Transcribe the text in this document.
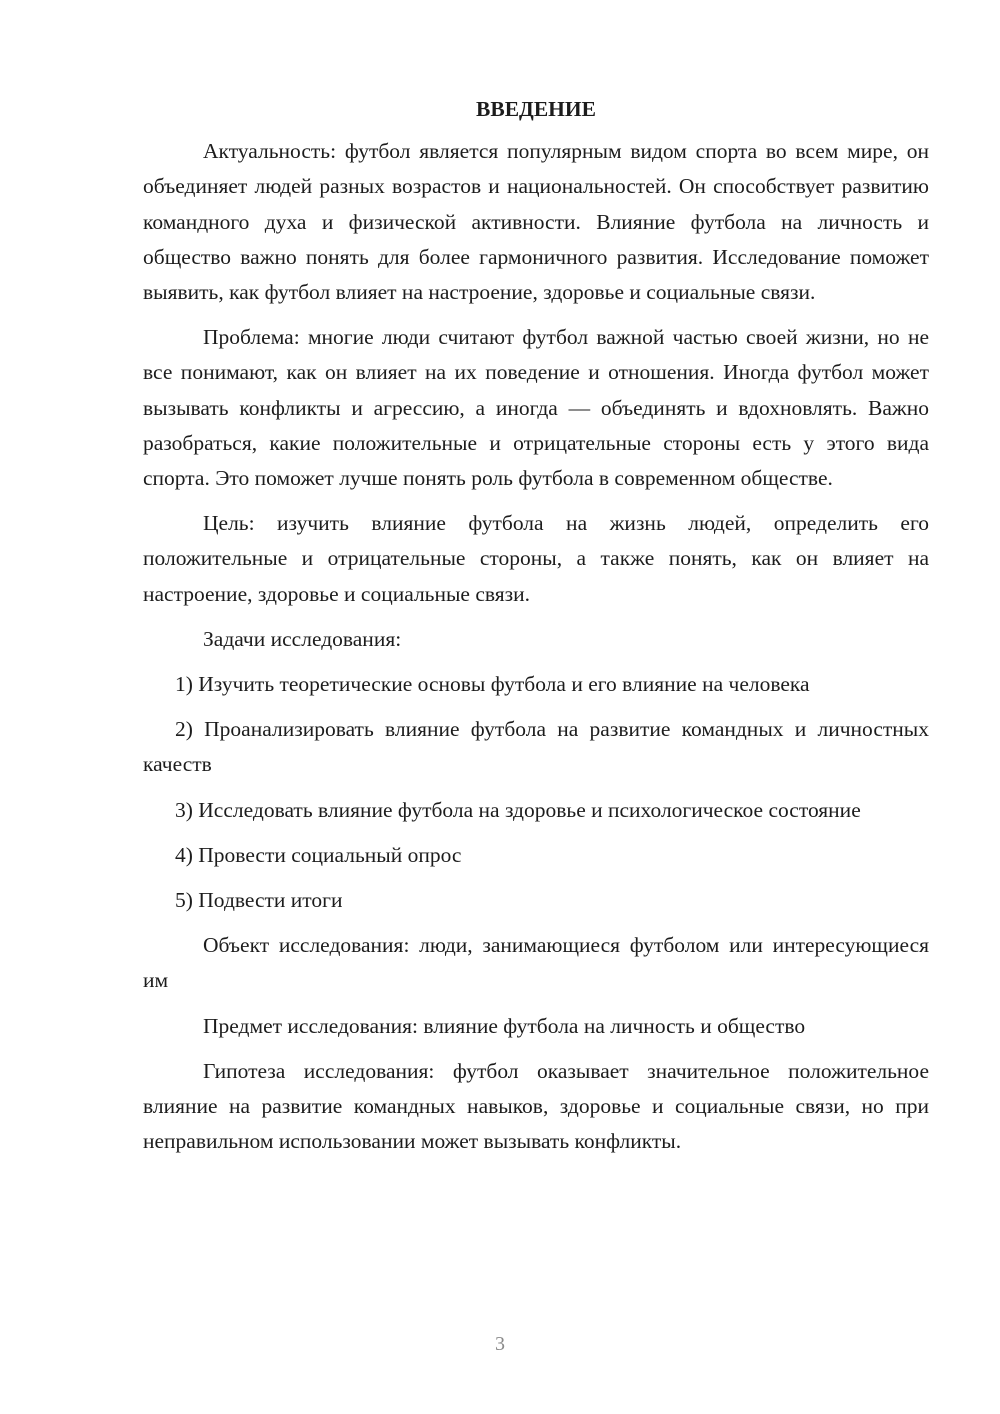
ВВЕДЕНИЕ

Актуальность: футбол является популярным видом спорта во всем мире, он объединяет людей разных возрастов и национальностей. Он способствует развитию командного духа и физической активности. Влияние футбола на личность и общество важно понять для более гармоничного развития. Исследование поможет выявить, как футбол влияет на настроение, здоровье и социальные связи.

Проблема: многие люди считают футбол важной частью своей жизни, но не все понимают, как он влияет на их поведение и отношения. Иногда футбол может вызывать конфликты и агрессию, а иногда — объединять и вдохновлять. Важно разобраться, какие положительные и отрицательные стороны есть у этого вида спорта. Это поможет лучше понять роль футбола в современном обществе.

Цель: изучить влияние футбола на жизнь людей, определить его положительные и отрицательные стороны, а также понять, как он влияет на настроение, здоровье и социальные связи.

Задачи исследования:

1) Изучить теоретические основы футбола и его влияние на человека

2) Проанализировать влияние футбола на развитие командных и личностных качеств

3) Исследовать влияние футбола на здоровье и психологическое состояние

4) Провести социальный опрос

5) Подвести итоги

Объект исследования: люди, занимающиеся футболом или интересующиеся им

Предмет исследования: влияние футбола на личность и общество

Гипотеза исследования: футбол оказывает значительное положительное влияние на развитие командных навыков, здоровье и социальные связи, но при неправильном использовании может вызывать конфликты.

3
